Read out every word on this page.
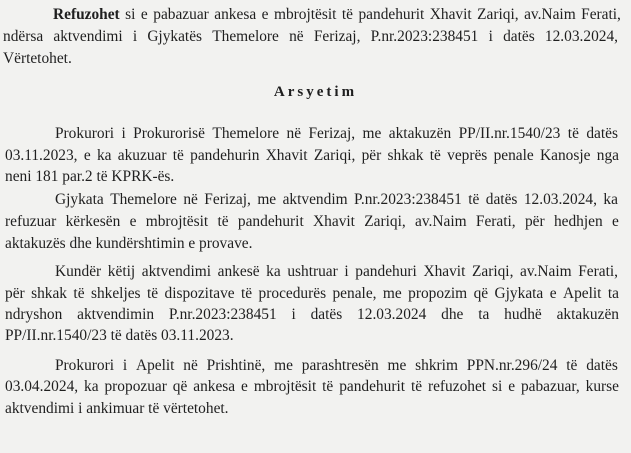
Refuzohet si e pabazuar ankesa e mbrojtësit të pandehurit Xhavit Zariqi, av.Naim Ferati,
ndërsa aktvendimi i Gjykatës Themelore në Ferizaj, P.nr.2023:238451 i datës 12.03.2024,
Vërtetohet.
Arsyetim
Prokurori i Prokurorisë Themelore në Ferizaj, me aktakuzën PP/II.nr.1540/23 të datës
03.11.2023, e ka akuzuar të pandehurin Xhavit Zariqi, për shkak të veprës penale Kanosje nga
neni 181 par.2 të KPRK-ës.
Gjykata Themelore në Ferizaj, me aktvendim P.nr.2023:238451 të datës 12.03.2024, ka
refuzuar kërkesën e mbrojtësit të pandehurit Xhavit Zariqi, av.Naim Ferati, për hedhjen e
aktakuzës dhe kundërshtimin e provave.
Kundër këtij aktvendimi ankesë ka ushtruar i pandehuri Xhavit Zariqi, av.Naim Ferati,
për shkak të shkeljes të dispozitave të procedurës penale, me propozim që Gjykata e Apelit ta
ndryshon aktvendimin P.nr.2023:238451 i datës 12.03.2024 dhe ta hudhë aktakuzën
PP/II.nr.1540/23 të datës 03.11.2023.
Prokurori i Apelit në Prishtinë, me parashtresën me shkrim PPN.nr.296/24 të datës
03.04.2024, ka propozuar që ankesa e mbrojtësit të pandehurit të refuzohet si e pabazuar, kurse
aktvendimi i ankimuar të vërtetohet.
